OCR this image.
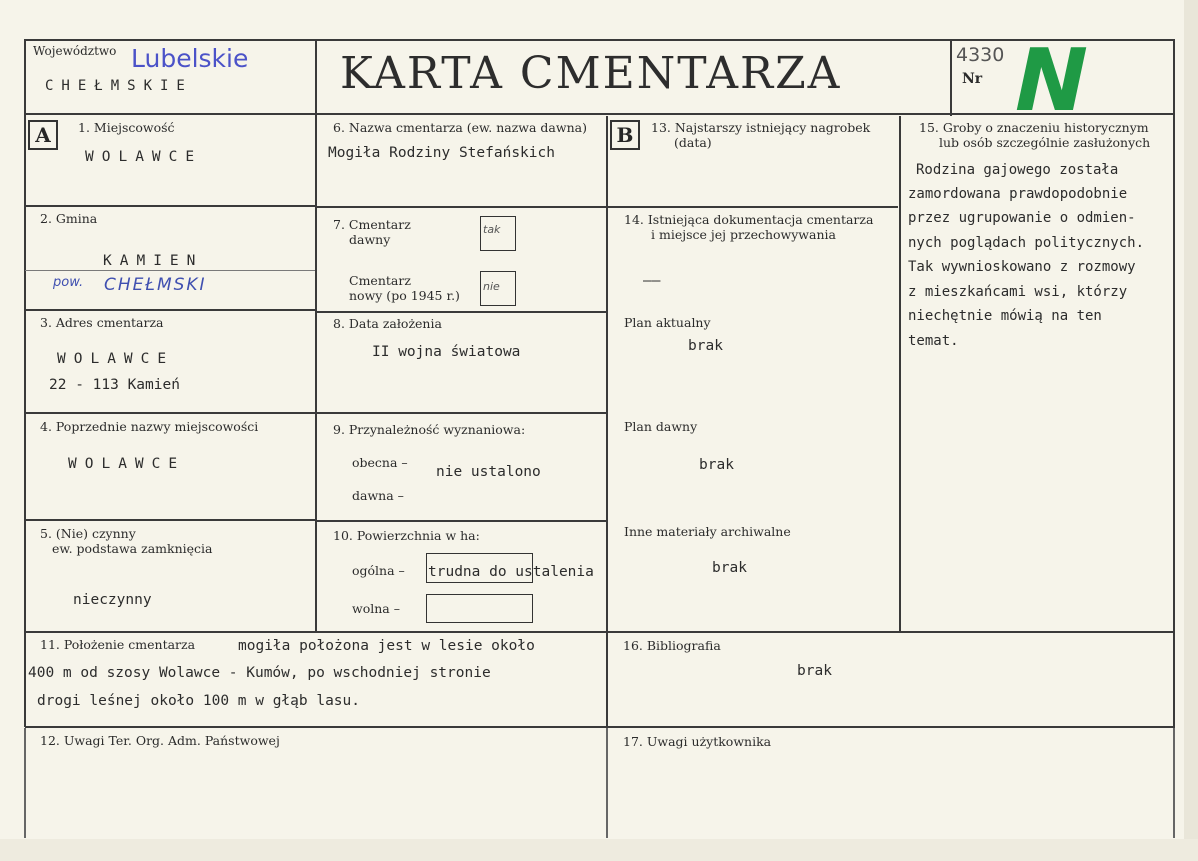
Województwo Lubelskie
CHEŁMSKIE	KARTA CMENTARZA	4330
Nr N
A	1. Miejscowość
WOLAWCE
2. Gmina
KAMIEN
pow. CHEŁMSKI
3. Adres cmentarza
WOLAWCE
22 - 113 Kamień
4. Poprzednie nazwy miejscowości
WOLAWCE
5. (Nie) czynny
ew. podstawa zamknięcia
nieczynny
6. Nazwa cmentarza (ew. nazwa dawna)
Mogiła Rodziny Stefańskich
7. Cmentarz
dawny
tak
Cmentarz
nowy (po 1945 r.)
nie
8. Data założenia
II wojna światowa
9. Przynależność wyznaniowa:
obecna –
nie ustalono
dawna –
10. Powierzchnia w ha:
ogólna – trudna do ustalenia
wolna –
B	13. Najstarszy istniejący nagrobek
(data)
14. Istniejąca dokumentacja cmentarza
i miejsce jej przechowywania
——
Plan aktualny
brak
Plan dawny
brak
Inne materiały archiwalne
brak
15. Groby o znaczeniu historycznym
lub osób szczególnie zasłużonych
Rodzina gajowego została
zamordowana prawdopodobnie
przez ugrupowanie o odmien-
nych poglądach politycznych.
Tak wywnioskowano z rozmowy
z mieszkańcami wsi, którzy
niechętnie mówią na ten
temat.
11. Położenie cmentarza	mogiła położona jest w lesie około
400 m od szosy Wolawce - Kumów, po wschodniej stronie
drogi leśnej około 100 m w głąb lasu.
16. Bibliografia
brak
12. Uwagi Ter. Org. Adm. Państwowej	17. Uwagi użytkownika
